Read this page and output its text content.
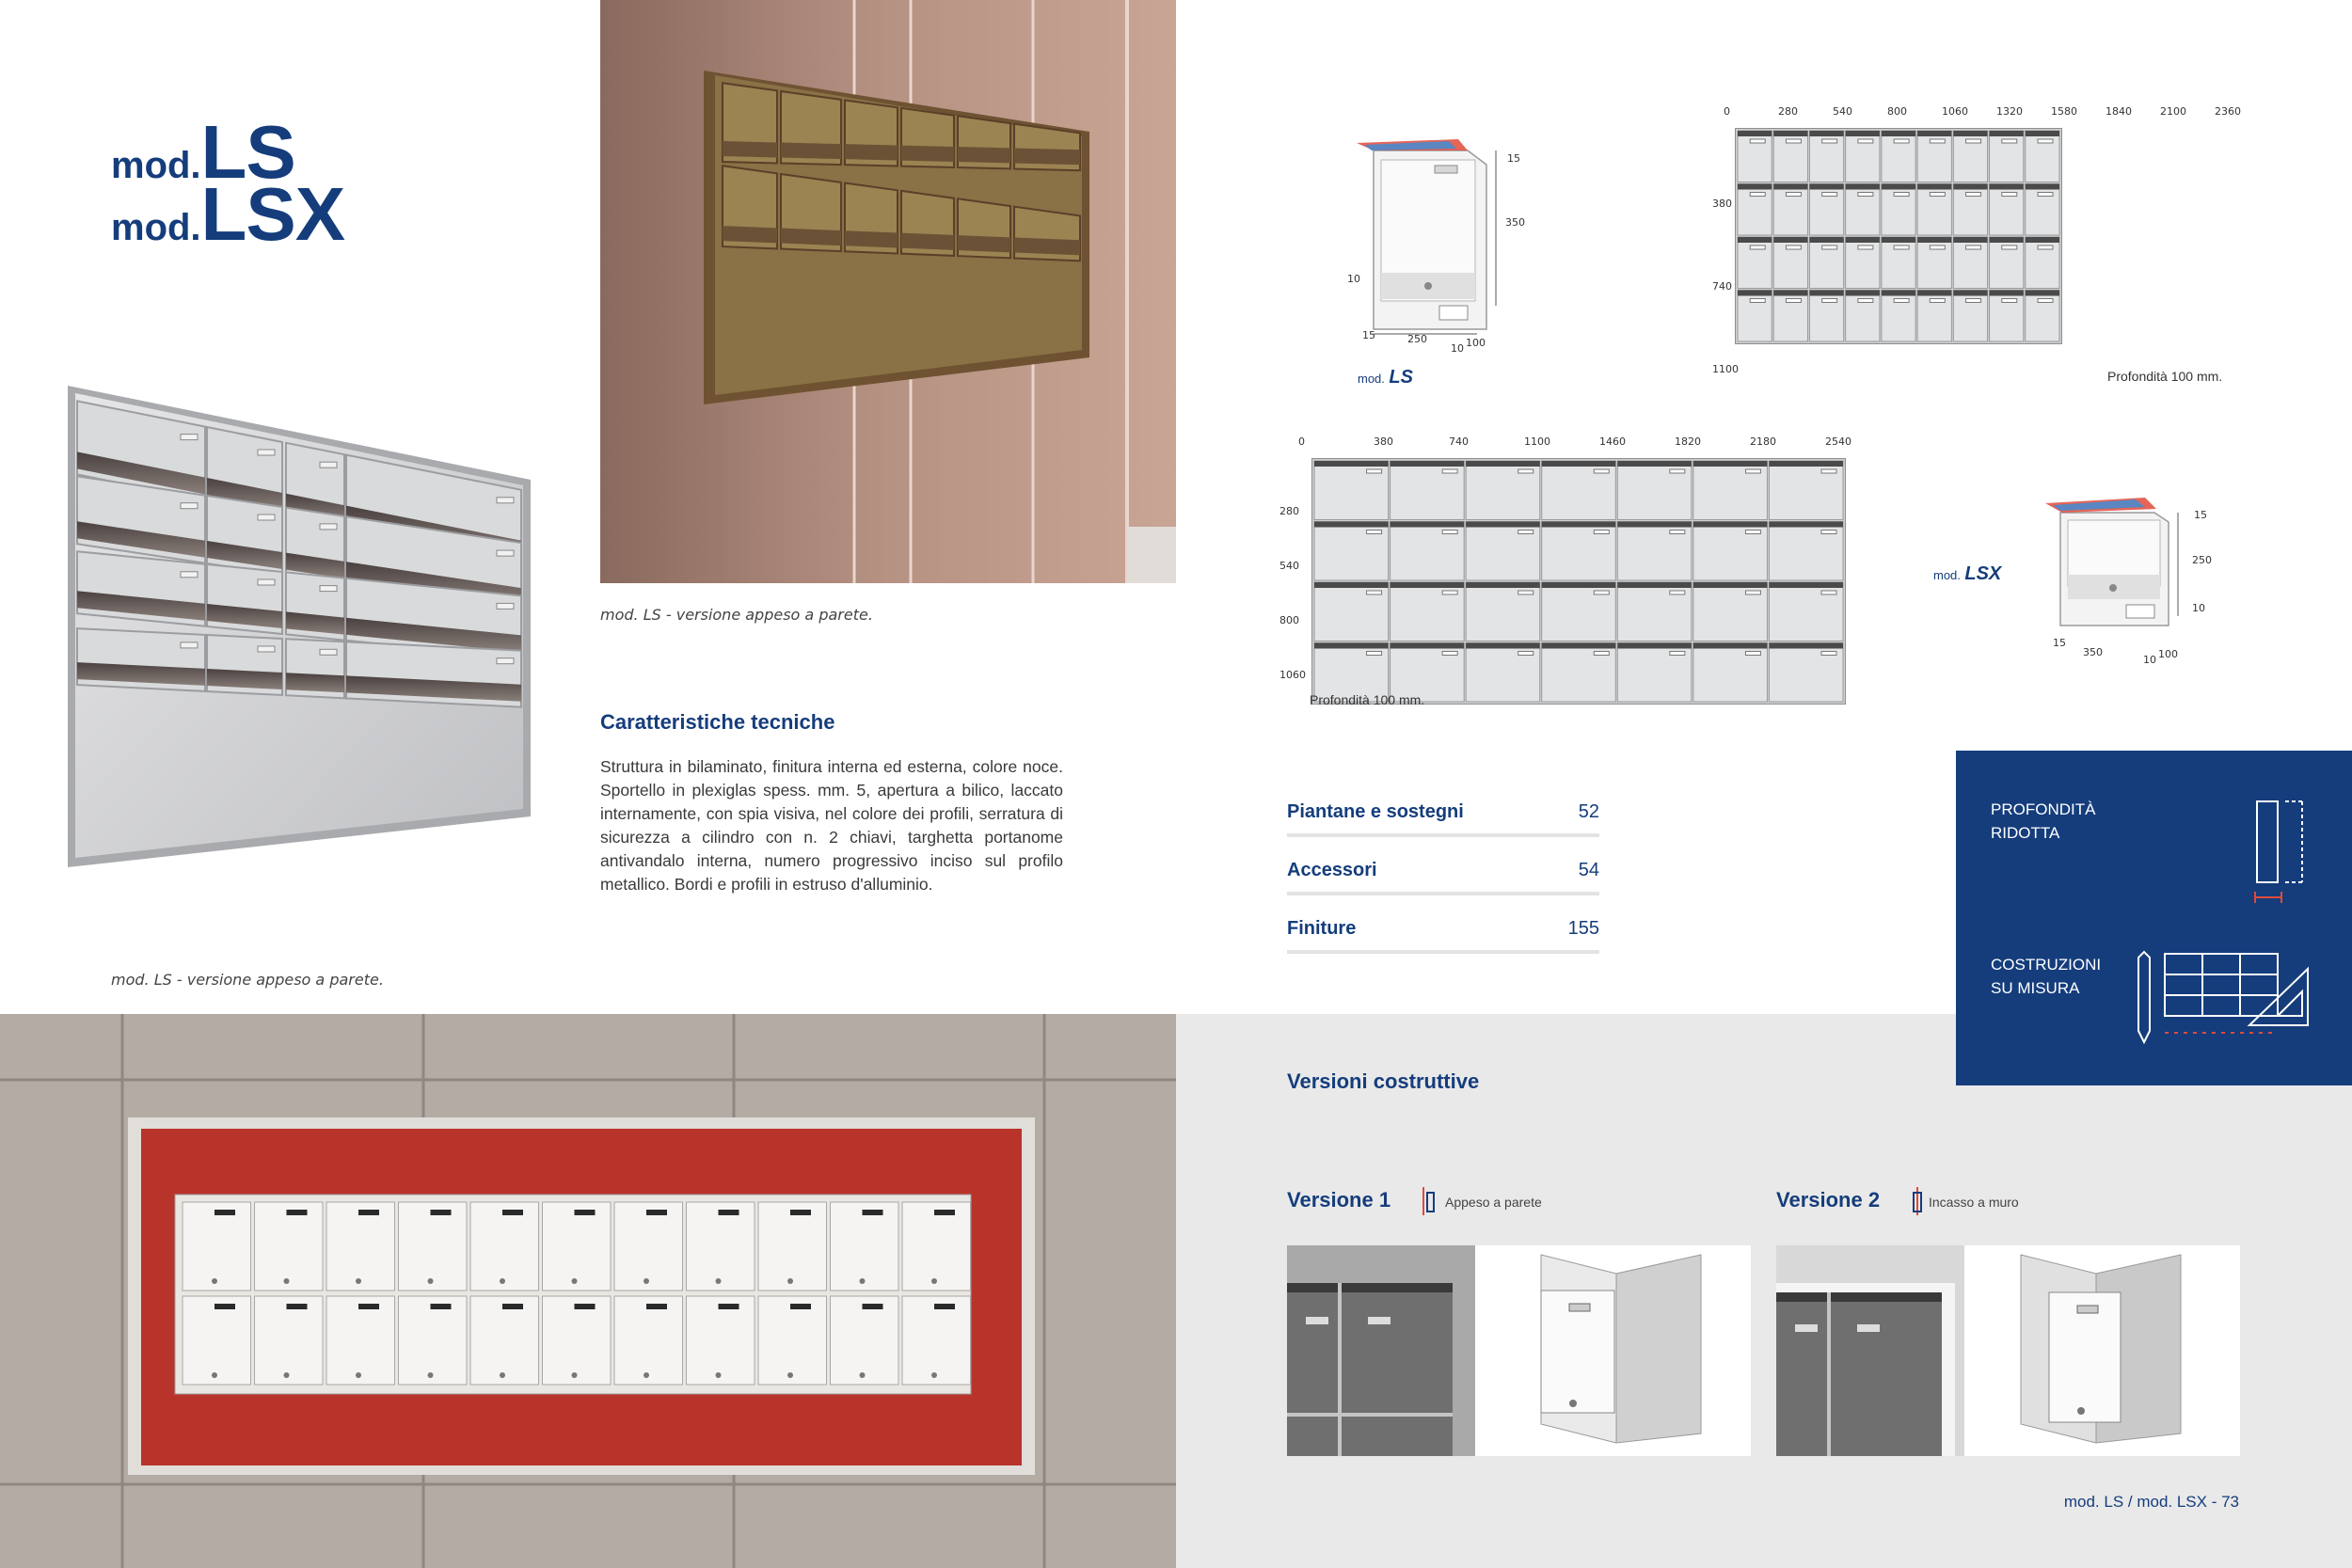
mod.LS
mod.LSX
mod. LS - versione appeso a parete.
Caratteristiche tecniche
Struttura in bilaminato, finitura interna ed esterna, colore noce. Sportello in plexiglas spess. mm. 5, apertura a bilico, laccato internamente, con spia visiva, nel colore dei profili, serratura di sicurezza a cilindro con n. 2 chiavi, targhetta portanome antivandalo interna, numero progressivo inciso sul profilo metallico. Bordi e profili in estruso d'alluminio.
mod. LS - versione appeso a parete.
15
350
10
15	250
10 100
mod. LS
0	280	540	800	1060	1320	1580	1840	2100	2360
380
740
1100	Profondità 100 mm.
0	380	740	1100	1460	1820	2180	2540
280
540
800
1060
Profondità 100 mm.
15
250
10
15
350
10 100
mod. LSX
Piantane e sostegni	52
Accessori	54
Finiture	155
PROFONDITÀ
RIDOTTA
COSTRUZIONI
SU MISURA
Versioni costruttive
Versione 1	Appeso a parete	Versione 2	Incasso a muro
mod. LS / mod. LSX - 73
